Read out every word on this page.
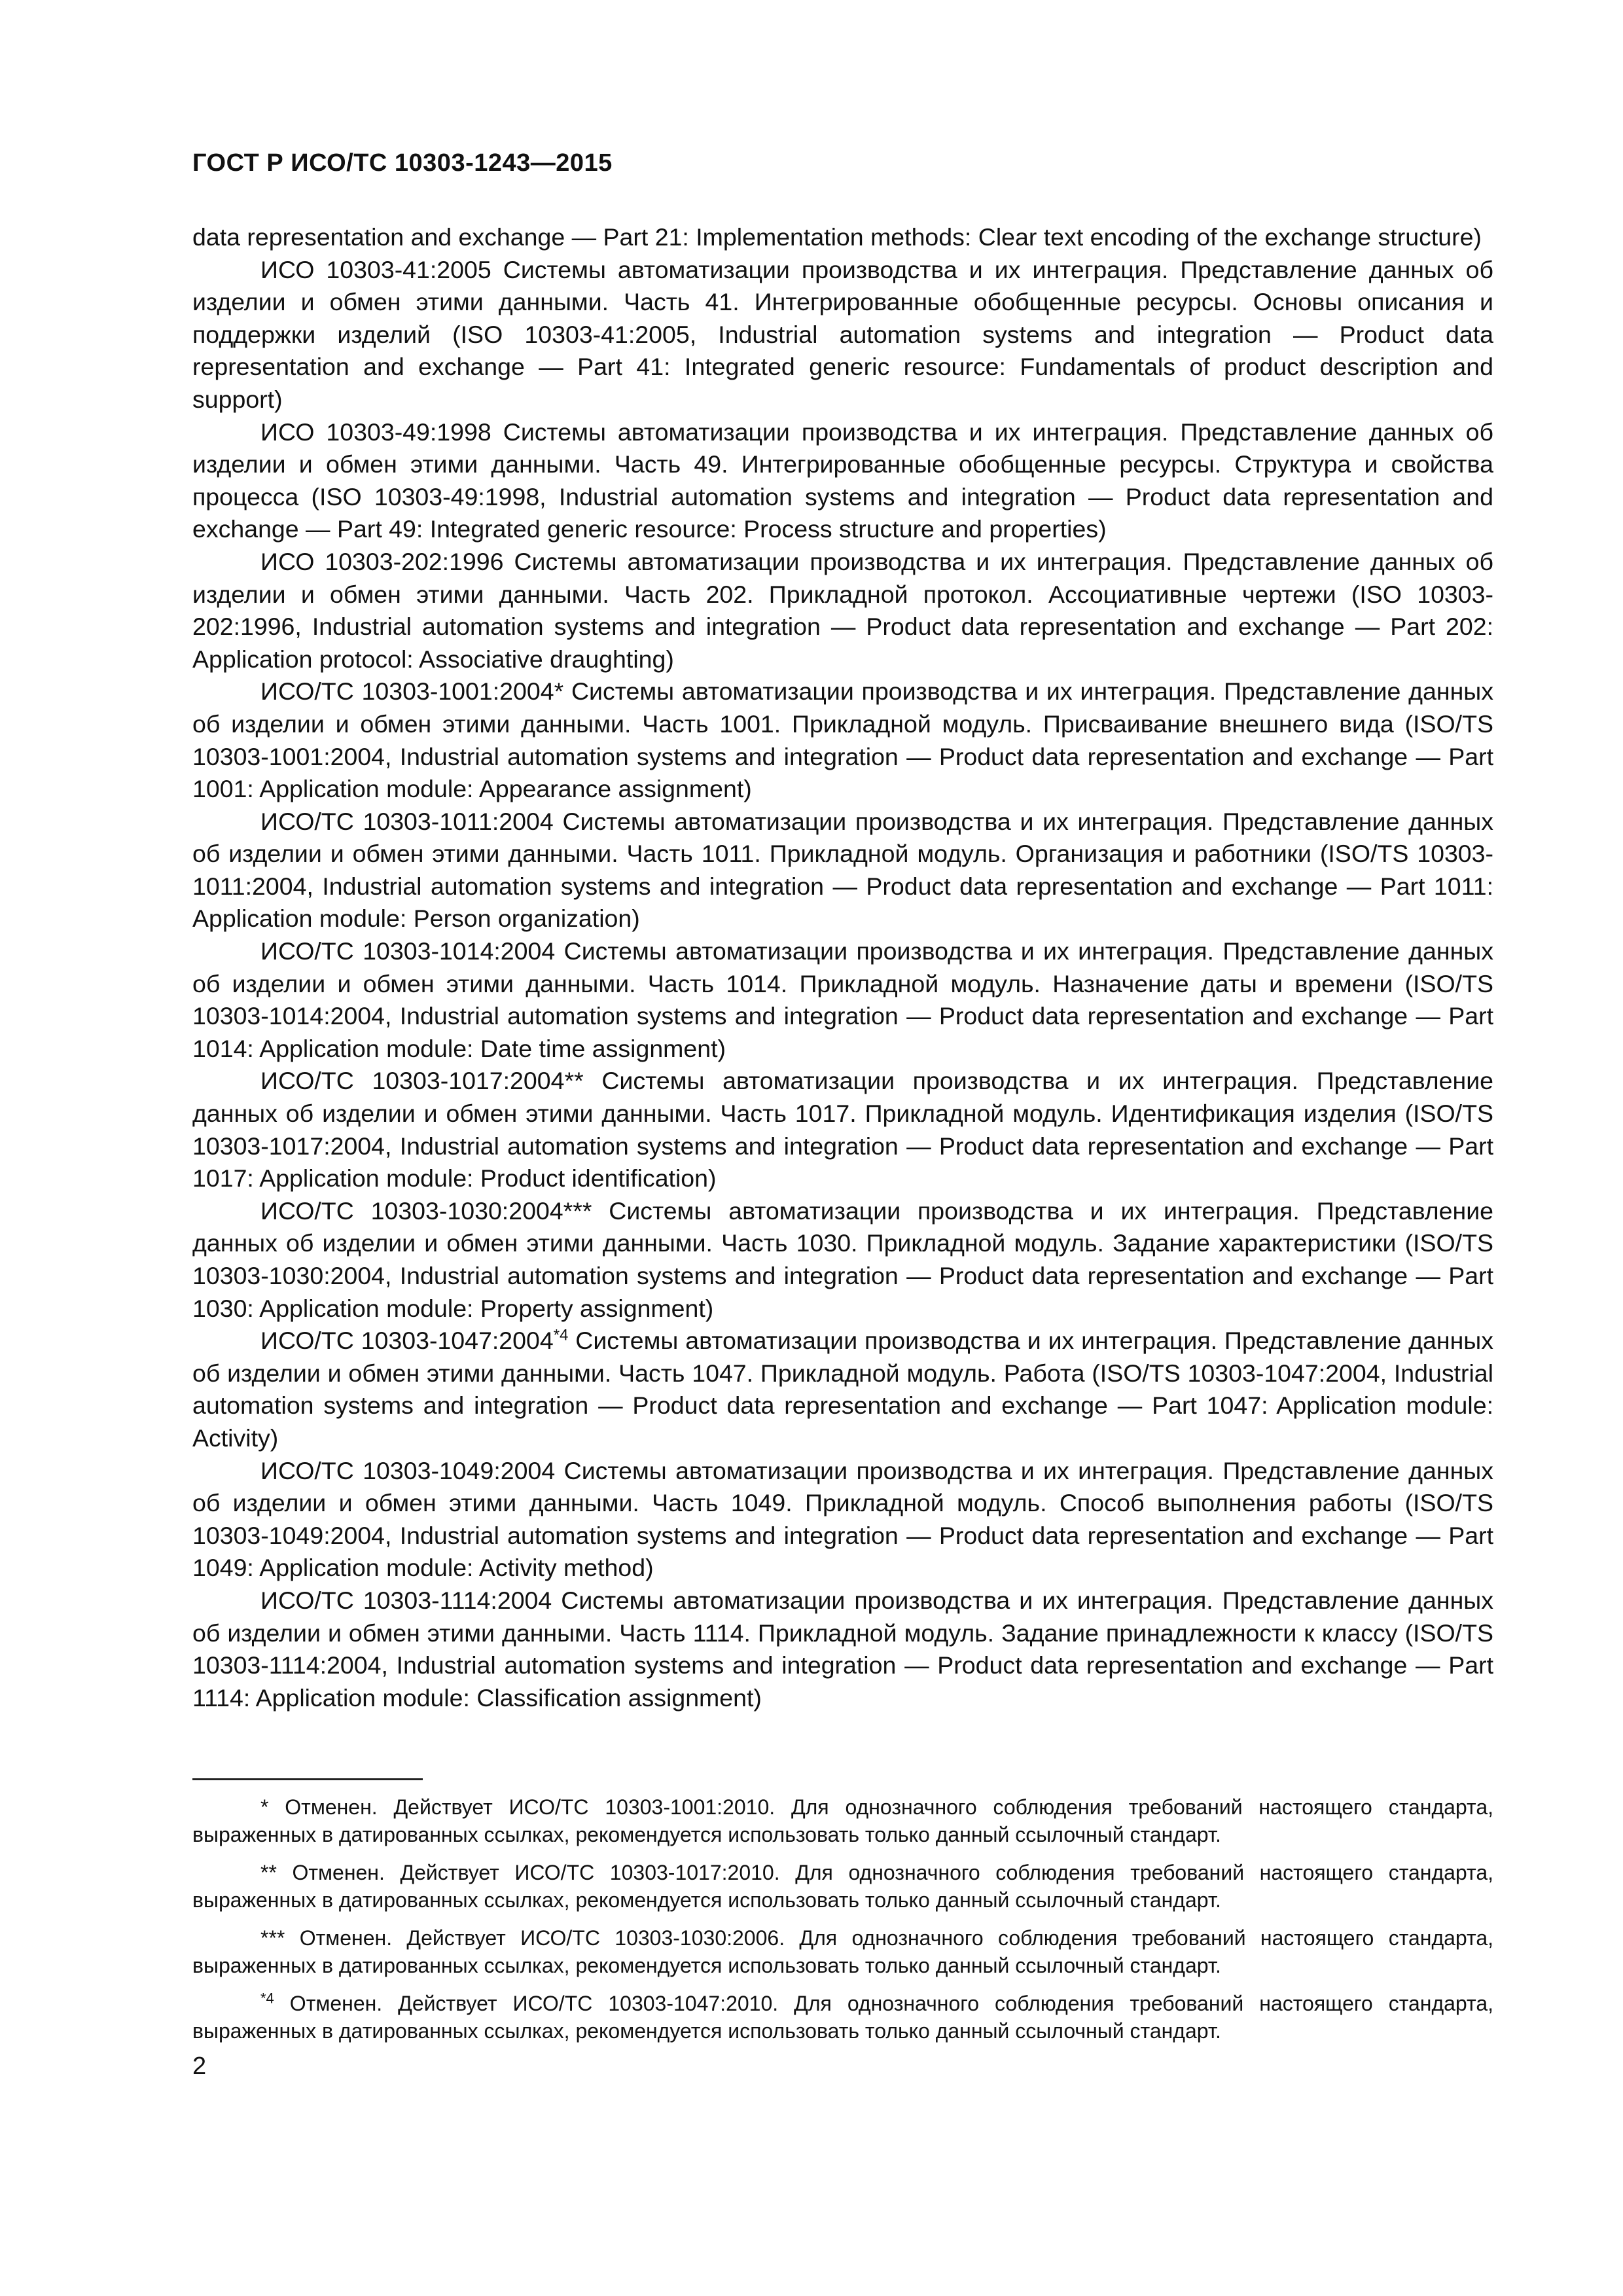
ГОСТ Р ИСО/ТС 10303-1243—2015

data representation and exchange — Part 21: Implementation methods: Clear text encoding of the exchange structure)

ИСО 10303-41:2005 Системы автоматизации производства и их интеграция. Представление данных об изделии и обмен этими данными. Часть 41. Интегрированные обобщенные ресурсы. Основы описания и поддержки изделий (ISO 10303-41:2005, Industrial automation systems and integration — Product data representation and exchange — Part 41: Integrated generic resource: Fundamentals of product description and support)

ИСО 10303-49:1998 Системы автоматизации производства и их интеграция. Представление данных об изделии и обмен этими данными. Часть 49. Интегрированные обобщенные ресурсы. Структура и свойства процесса (ISO 10303-49:1998, Industrial automation systems and integration — Product data representation and exchange — Part 49: Integrated generic resource: Process structure and properties)

ИСО 10303-202:1996 Системы автоматизации производства и их интеграция. Представление данных об изделии и обмен этими данными. Часть 202. Прикладной протокол. Ассоциативные чертежи (ISO 10303-202:1996, Industrial automation systems and integration — Product data representation and exchange — Part 202: Application protocol: Associative draughting)

ИСО/ТС 10303-1001:2004* Системы автоматизации производства и их интеграция. Представление данных об изделии и обмен этими данными. Часть 1001. Прикладной модуль. Присваивание внешнего вида (ISO/TS 10303-1001:2004, Industrial automation systems and integration — Product data representation and exchange — Part 1001: Application module: Appearance assignment)

ИСО/ТС 10303-1011:2004 Системы автоматизации производства и их интеграция. Представление данных об изделии и обмен этими данными. Часть 1011. Прикладной модуль. Организация и работники (ISO/TS 10303-1011:2004, Industrial automation systems and integration — Product data representation and exchange — Part 1011: Application module: Person organization)

ИСО/ТС 10303-1014:2004 Системы автоматизации производства и их интеграция. Представление данных об изделии и обмен этими данными. Часть 1014. Прикладной модуль. Назначение даты и времени (ISO/TS 10303-1014:2004, Industrial automation systems and integration — Product data representation and exchange — Part 1014: Application module: Date time assignment)

ИСО/ТС 10303-1017:2004** Системы автоматизации производства и их интеграция. Представление данных об изделии и обмен этими данными. Часть 1017. Прикладной модуль. Идентификация изделия (ISO/TS 10303-1017:2004, Industrial automation systems and integration — Product data representation and exchange — Part 1017: Application module: Product identification)

ИСО/ТС 10303-1030:2004*** Системы автоматизации производства и их интеграция. Представление данных об изделии и обмен этими данными. Часть 1030. Прикладной модуль. Задание характеристики (ISO/TS 10303-1030:2004, Industrial automation systems and integration — Product data representation and exchange — Part 1030: Application module: Property assignment)

ИСО/ТС 10303-1047:2004$^{*4}$ Системы автоматизации производства и их интеграция. Представление данных об изделии и обмен этими данными. Часть 1047. Прикладной модуль. Работа (ISO/TS 10303-1047:2004, Industrial automation systems and integration — Product data representation and exchange — Part 1047: Application module: Activity)

ИСО/ТС 10303-1049:2004 Системы автоматизации производства и их интеграция. Представление данных об изделии и обмен этими данными. Часть 1049. Прикладной модуль. Способ выполнения работы (ISO/TS 10303-1049:2004, Industrial automation systems and integration — Product data representation and exchange — Part 1049: Application module: Activity method)

ИСО/ТС 10303-1114:2004 Системы автоматизации производства и их интеграция. Представление данных об изделии и обмен этими данными. Часть 1114. Прикладной модуль. Задание принадлежности к классу (ISO/TS 10303-1114:2004, Industrial automation systems and integration — Product data representation and exchange — Part 1114: Application module: Classification assignment)

* Отменен. Действует ИСО/ТС 10303-1001:2010. Для однозначного соблюдения требований настоящего стандарта, выраженных в датированных ссылках, рекомендуется использовать только данный ссылочный стандарт.

** Отменен. Действует ИСО/ТС 10303-1017:2010. Для однозначного соблюдения требований настоящего стандарта, выраженных в датированных ссылках, рекомендуется использовать только данный ссылочный стандарт.

*** Отменен. Действует ИСО/ТС 10303-1030:2006. Для однозначного соблюдения требований настоящего стандарта, выраженных в датированных ссылках, рекомендуется использовать только данный ссылочный стандарт.

$^{*4}$ Отменен. Действует ИСО/ТС 10303-1047:2010. Для однозначного соблюдения требований настоящего стандарта, выраженных в датированных ссылках, рекомендуется использовать только данный ссылочный стандарт.

2
